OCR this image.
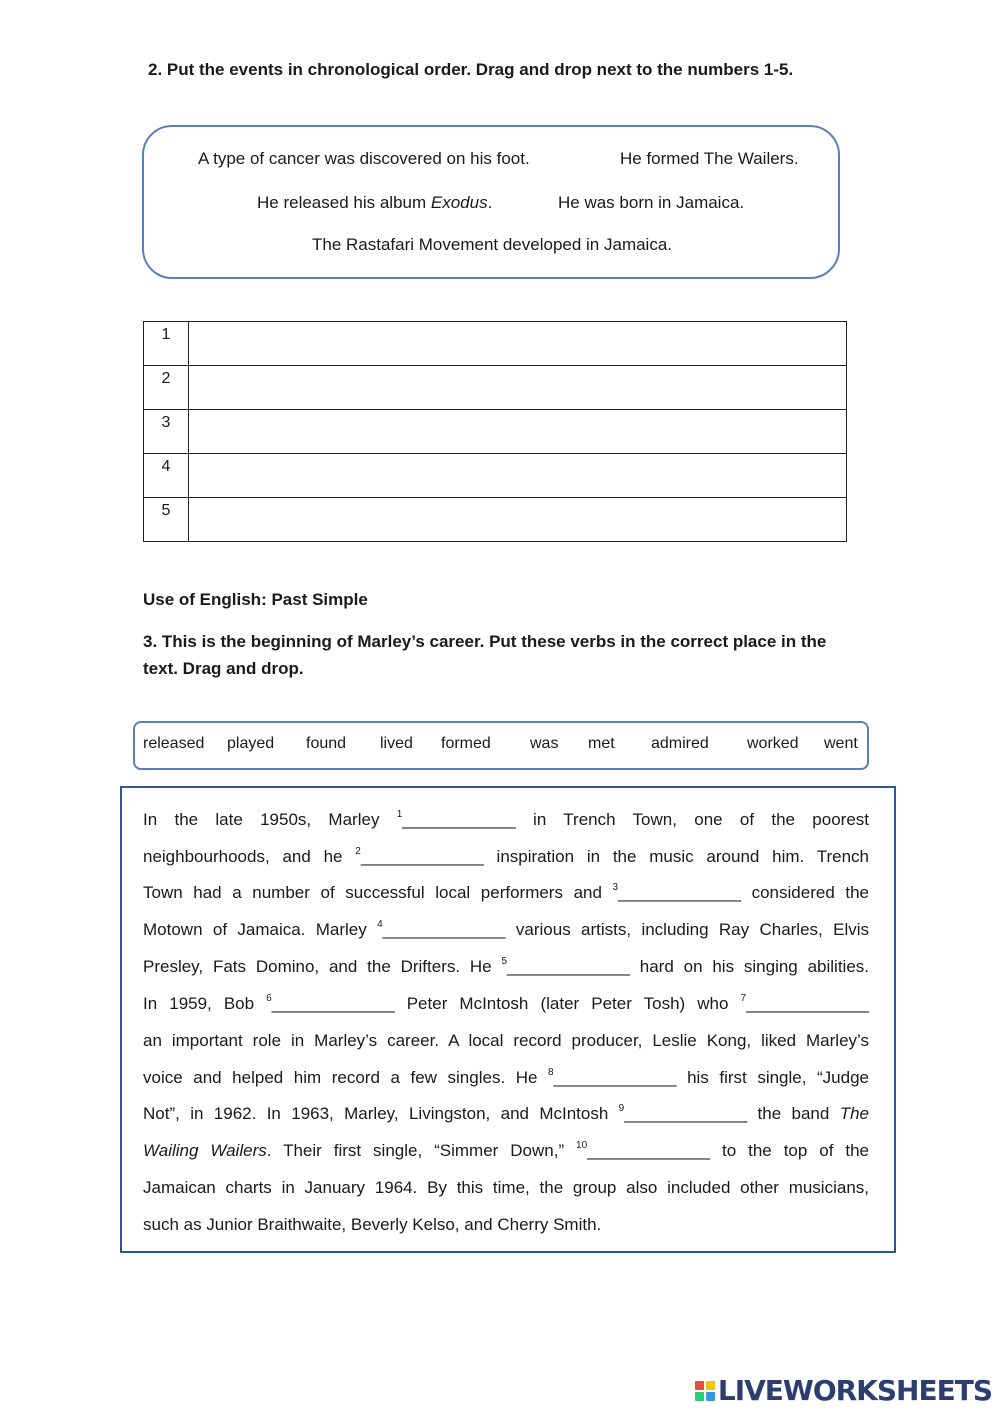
2. Put the events in chronological order. Drag and drop next to the numbers 1-5.
A type of cancer was discovered on his foot.	He formed The Wailers.
He released his album Exodus.	He was born in Jamaica.
The Rastafari Movement developed in Jamaica.
1	
2	
3	
4	
5	
Use of English: Past Simple
3. This is the beginning of Marley’s career. Put these verbs in the correct place in the text. Drag and drop.
released played found lived formed was met admired worked went
In the late 1950s, Marley $^1$____________ in Trench Town, one of the poorest
neighbourhoods, and he $^2$_____________ inspiration in the music around him. Trench
Town had a number of successful local performers and $^3$_____________ considered the
Motown of Jamaica. Marley $^4$_____________ various artists, including Ray Charles, Elvis
Presley, Fats Domino, and the Drifters. He $^5$_____________ hard on his singing abilities.
In 1959, Bob $^6$_____________ Peter McIntosh (later Peter Tosh) who $^7$_____________
an important role in Marley’s career. A local record producer, Leslie Kong, liked Marley’s
voice and helped him record a few singles. He $^8$_____________ his first single, “Judge
Not”, in 1962. In 1963, Marley, Livingston, and McIntosh $^9$_____________ the band The
Wailing Wailers. Their first single, “Simmer Down,” $^{10}$_____________ to the top of the
Jamaican charts in January 1964. By this time, the group also included other musicians,
such as Junior Braithwaite, Beverly Kelso, and Cherry Smith.
LIVEWORKSHEETS
